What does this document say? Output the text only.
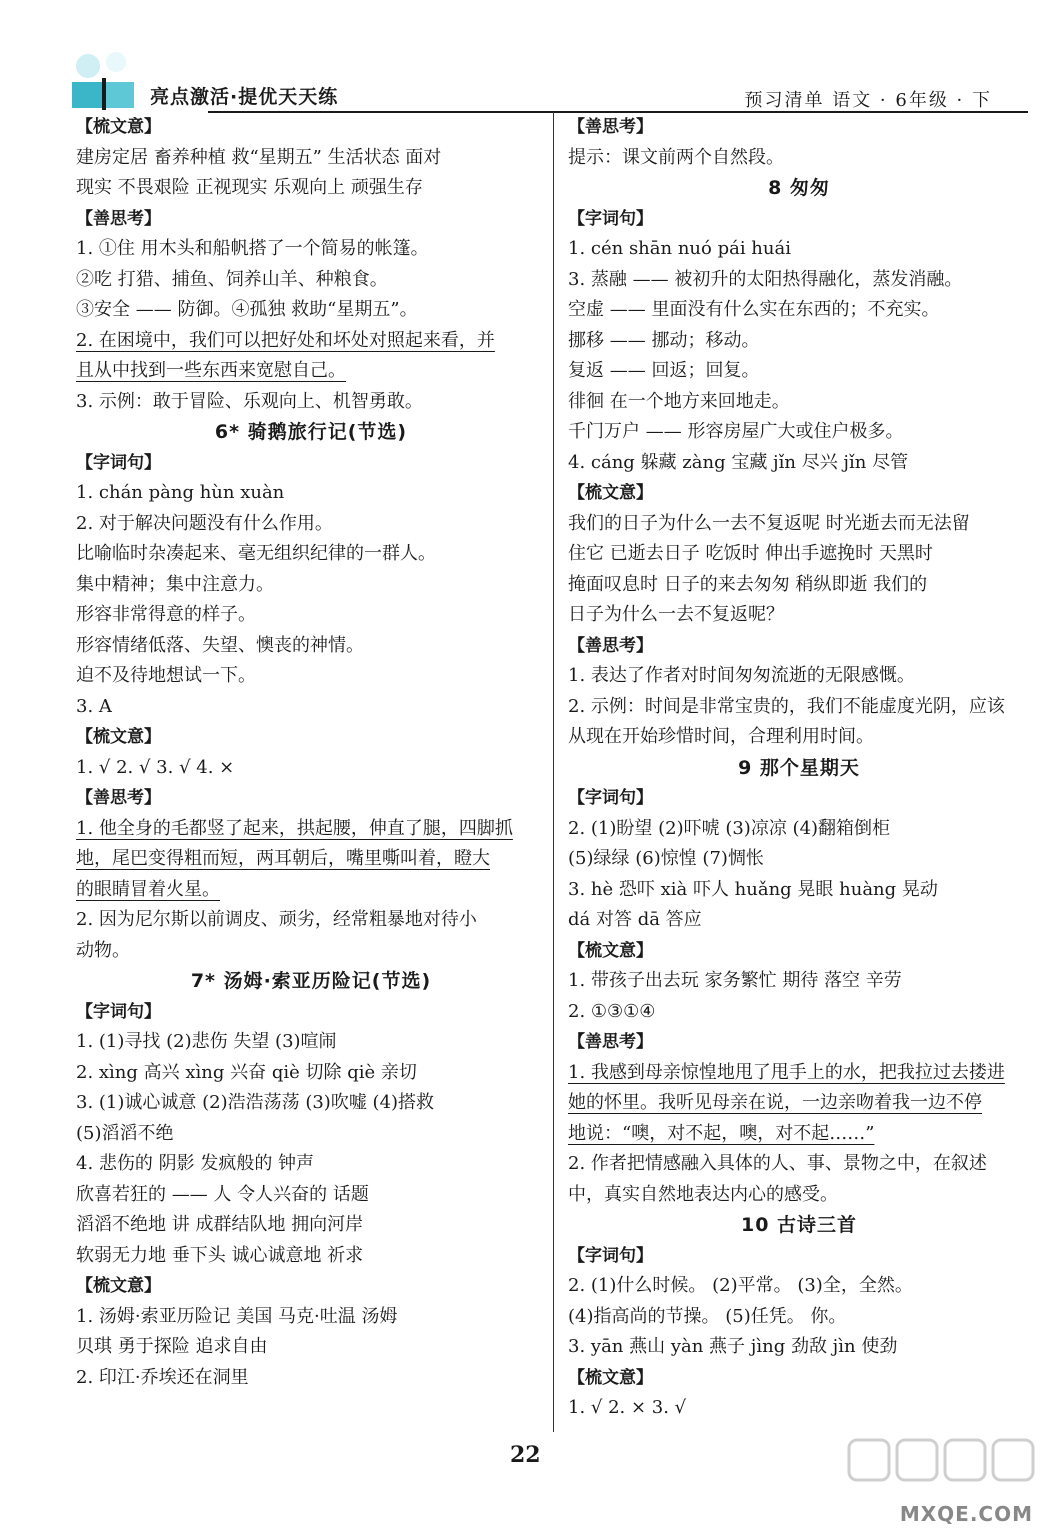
亮点激活·提优天天练	预习清单 语文 · 6年级 · 下
【梳文意】
建房定居 畜养种植 救“星期五” 生活状态 面对
现实 不畏艰险 正视现实 乐观向上 顽强生存
【善思考】
1. ①住 用木头和船帆搭了一个简易的帐篷。
②吃 打猎、捕鱼、饲养山羊、种粮食。
③安全 —— 防御。④孤独 救助“星期五”。
2. 在困境中，我们可以把好处和坏处对照起来看，并
且从中找到一些东西来宽慰自己。
3. 示例：敢于冒险、乐观向上、机智勇敢。
6* 骑鹅旅行记(节选)
【字词句】
1. chán pàng hùn xuàn
2. 对于解决问题没有什么作用。
比喻临时杂凑起来、毫无组织纪律的一群人。
集中精神；集中注意力。
形容非常得意的样子。
形容情绪低落、失望、懊丧的神情。
迫不及待地想试一下。
3. A
【梳文意】
1. √ 2. √ 3. √ 4. ×
【善思考】
1. 他全身的毛都竖了起来，拱起腰，伸直了腿，四脚抓
地，尾巴变得粗而短，两耳朝后，嘴里嘶叫着，瞪大
的眼睛冒着火星。
2. 因为尼尔斯以前调皮、顽劣，经常粗暴地对待小
动物。
7* 汤姆·索亚历险记(节选)
【字词句】
1. (1)寻找 (2)悲伤 失望 (3)喧闹
2. xìng 高兴 xìng 兴奋 qiè 切除 qiè 亲切
3. (1)诚心诚意 (2)浩浩荡荡 (3)吹嘘 (4)搭救
(5)滔滔不绝
4. 悲伤的 阴影 发疯般的 钟声
欣喜若狂的 —— 人 令人兴奋的 话题
滔滔不绝地 讲 成群结队地 拥向河岸
软弱无力地 垂下头 诚心诚意地 祈求
【梳文意】
1. 汤姆·索亚历险记 美国 马克·吐温 汤姆
贝琪 勇于探险 追求自由
2. 印江·乔埃还在洞里
【善思考】
提示：课文前两个自然段。
8 匆匆
【字词句】
1. cén shān nuó pái huái
3. 蒸融 —— 被初升的太阳热得融化，蒸发消融。
空虚 —— 里面没有什么实在东西的；不充实。
挪移 —— 挪动；移动。
复返 —— 回返；回复。
徘徊 在一个地方来回地走。
千门万户 —— 形容房屋广大或住户极多。
4. cáng 躲藏 zàng 宝藏 jǐn 尽兴 jǐn 尽管
【梳文意】
我们的日子为什么一去不复返呢 时光逝去而无法留
住它 已逝去日子 吃饭时 伸出手遮挽时 天黑时
掩面叹息时 日子的来去匆匆 稍纵即逝 我们的
日子为什么一去不复返呢？
【善思考】
1. 表达了作者对时间匆匆流逝的无限感慨。
2. 示例：时间是非常宝贵的，我们不能虚度光阴，应该
从现在开始珍惜时间，合理利用时间。
9 那个星期天
【字词句】
2. (1)盼望 (2)吓唬 (3)凉凉 (4)翻箱倒柜
(5)绿绿 (6)惊惶 (7)惆怅
3. hè 恐吓 xià 吓人 huǎng 晃眼 huàng 晃动
dá 对答 dā 答应
【梳文意】
1. 带孩子出去玩 家务繁忙 期待 落空 辛劳
2. ①③①④
【善思考】
1. 我感到母亲惊惶地甩了甩手上的水，把我拉过去搂进
她的怀里。我听见母亲在说，一边亲吻着我一边不停
地说：“噢，对不起，噢，对不起……”
2. 作者把情感融入具体的人、事、景物之中，在叙述
中，真实自然地表达内心的感受。
10 古诗三首
【字词句】
2. (1)什么时候。 (2)平常。 (3)全，全然。
(4)指高尚的节操。 (5)任凭。 你。
3. yān 燕山 yàn 燕子 jìng 劲敌 jìn 使劲
【梳文意】
1. √ 2. × 3. √
22
MXQE.COM
